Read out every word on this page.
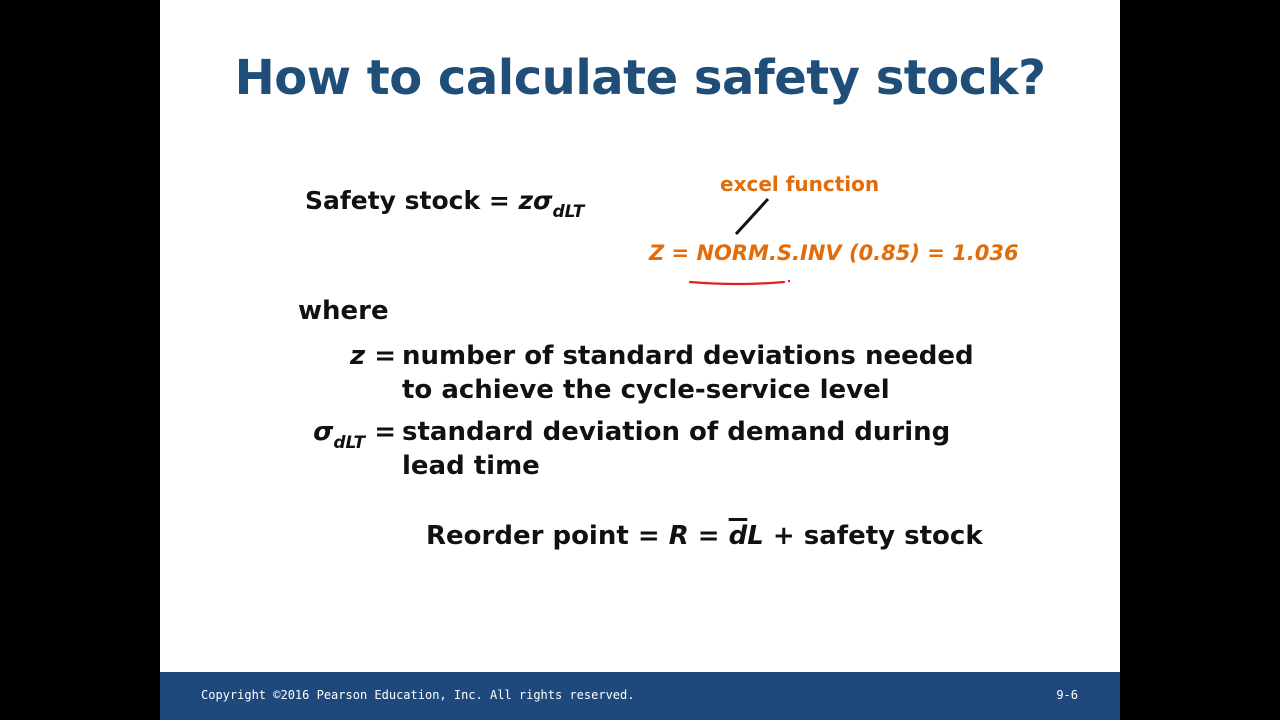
How to calculate safety stock?
Safety stock = $z\sigma_{dLT}$
excel function
Z = NORM.S.INV (0.85) = 1.036
where
z = number of standard deviations needed to achieve the cycle-service level
$\sigma_{dLT}$ = standard deviation of demand during lead time
Reorder point = $R = \overline{d}L$ + safety stock
Copyright ©2016 Pearson Education, Inc. All rights reserved.	9-6
